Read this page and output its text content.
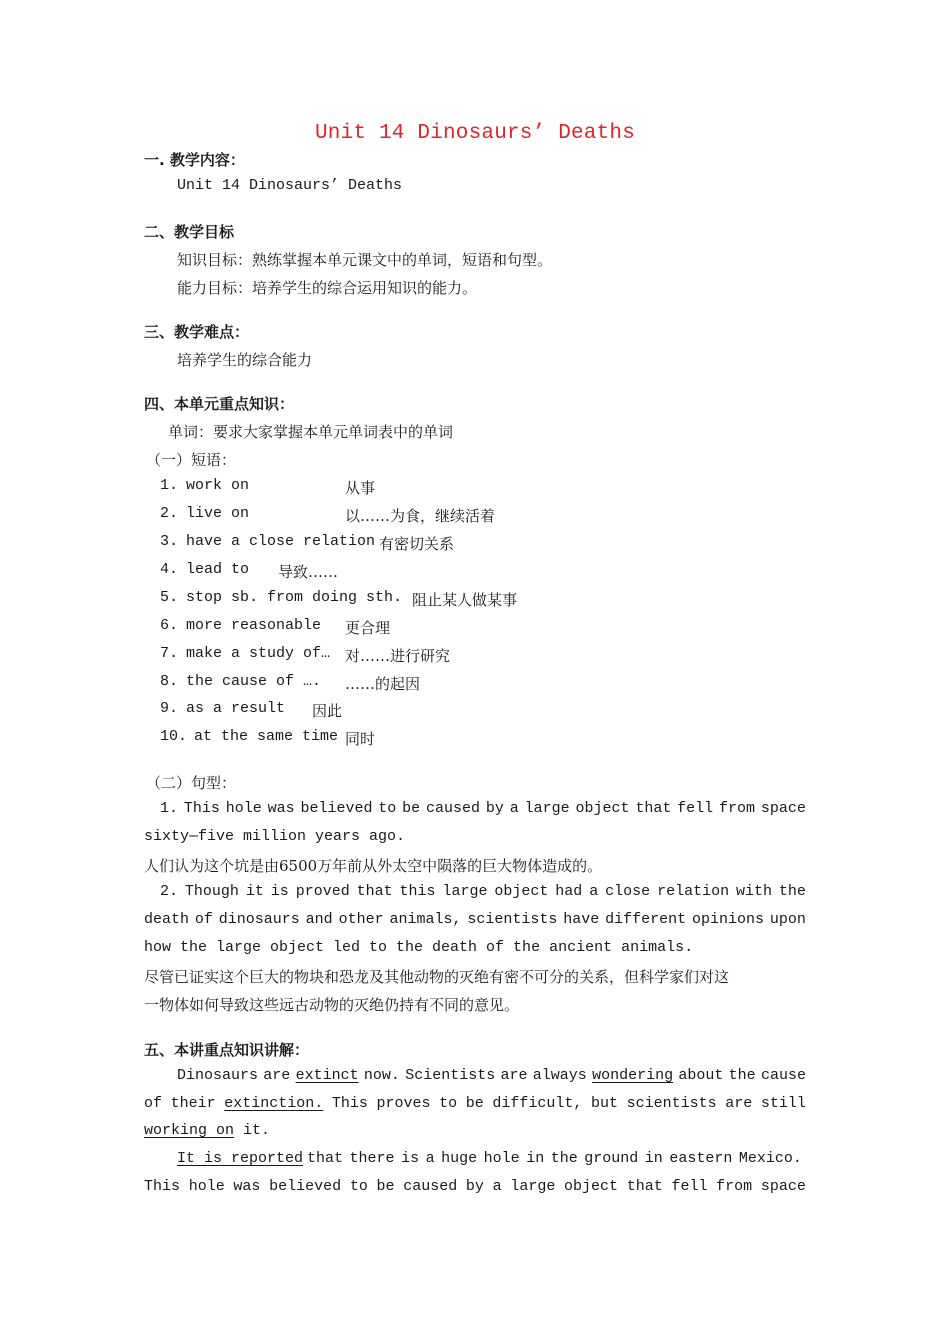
Unit 14 Dinosaurs’ Deaths
一. 教学内容：
Unit 14 Dinosaurs’ Deaths
二、教学目标
知识目标：熟练掌握本单元课文中的单词，短语和句型。
能力目标：培养学生的综合运用知识的能力。
三、教学难点：
培养学生的综合能力
四、本单元重点知识：
单词：要求大家掌握本单元单词表中的单词
（一）短语：
1. work on	从事
2. live on	以……为食，继续活着
3. have a close relation 有密切关系
4. lead to 导致……
5. stop sb. from doing sth. 阻止某人做某事
6. more reasonable 更合理
7. make a study of… 对……进行研究
8. the cause of …. ……的起因
9. as a result 因此
10. at the same time 同时
（二）句型：
1. This hole was believed to be caused by a large object that fell from space
sixty—five million years ago.
人们认为这个坑是由6500万年前从外太空中陨落的巨大物体造成的。
2. Though it is proved that this large object had a close relation with the
death of dinosaurs and other animals, scientists have different opinions upon
how the large object led to the death of the ancient animals.
尽管已证实这个巨大的物块和恐龙及其他动物的灭绝有密不可分的关系，但科学家们对这
一物体如何导致这些远古动物的灭绝仍持有不同的意见。
五、本讲重点知识讲解：
Dinosaurs are extinct now. Scientists are always wondering about the cause
of their extinction. This proves to be difficult, but scientists are still
working on it.
It is reported that there is a huge hole in the ground in eastern Mexico.
This hole was believed to be caused by a large object that fell from space
